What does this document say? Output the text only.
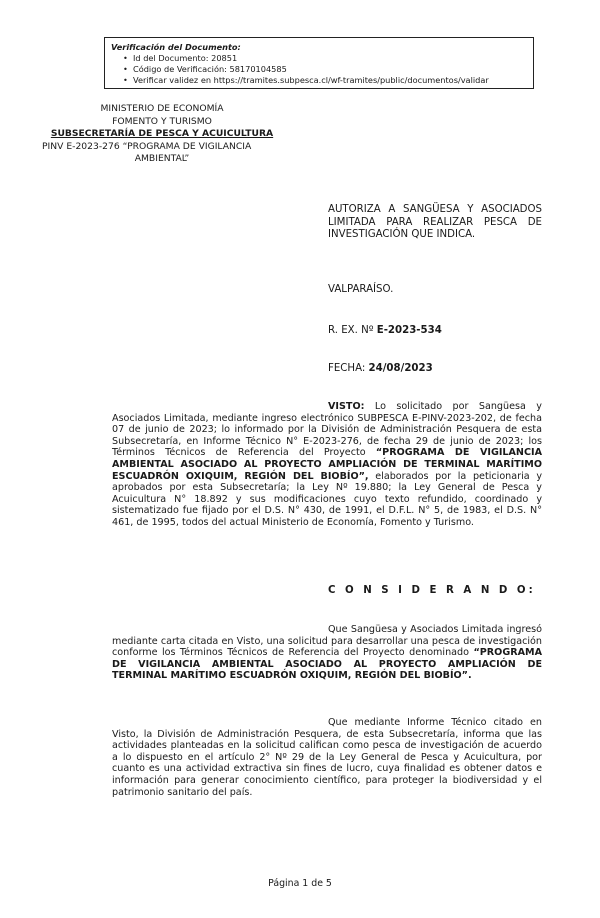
Verificación del Documento:
• Id del Documento: 20851
• Código de Verificación: 58170104585
• Verificar validez en https://tramites.subpesca.cl/wf-tramites/public/documentos/validar
MINISTERIO DE ECONOMÍA
FOMENTO Y TURISMO
SUBSECRETARÍA DE PESCA Y ACUICULTURA
PINV E-2023-276 “PROGRAMA DE VIGILANCIA
AMBIENTAL”
AUTORIZA A SANGÜESA Y ASOCIADOS LIMITADA PARA REALIZAR PESCA DE INVESTIGACIÓN QUE INDICA.
VALPARAÍSO.
R. EX. Nº E-2023-534
FECHA: 24/08/2023
VISTO: Lo solicitado por Sangüesa y Asociados Limitada, mediante ingreso electrónico SUBPESCA E-PINV-2023-202, de fecha 07 de junio de 2023; lo informado por la División de Administración Pesquera de esta Subsecretaría, en Informe Técnico N° E-2023-276, de fecha 29 de junio de 2023; los Términos Técnicos de Referencia del Proyecto “PROGRAMA DE VIGILANCIA AMBIENTAL ASOCIADO AL PROYECTO AMPLIACIÓN DE TERMINAL MARÍTIMO ESCUADRÓN OXIQUIM, REGIÓN DEL BIOBÍO”, elaborados por la peticionaria y aprobados por esta Subsecretaría; la Ley Nº 19.880; la Ley General de Pesca y Acuicultura N° 18.892 y sus modificaciones cuyo texto refundido, coordinado y sistematizado fue fijado por el D.S. N° 430, de 1991, el D.F.L. N° 5, de 1983, el D.S. N° 461, de 1995, todos del actual Ministerio de Economía, Fomento y Turismo.
C O N S I D E R A N D O:
Que Sangüesa y Asociados Limitada ingresó mediante carta citada en Visto, una solicitud para desarrollar una pesca de investigación conforme los Términos Técnicos de Referencia del Proyecto denominado “PROGRAMA DE VIGILANCIA AMBIENTAL ASOCIADO AL PROYECTO AMPLIACIÓN DE TERMINAL MARÍTIMO ESCUADRÓN OXIQUIM, REGIÓN DEL BIOBÍO”.
Que mediante Informe Técnico citado en Visto, la División de Administración Pesquera, de esta Subsecretaría, informa que las actividades planteadas en la solicitud califican como pesca de investigación de acuerdo a lo dispuesto en el artículo 2° Nº 29 de la Ley General de Pesca y Acuicultura, por cuanto es una actividad extractiva sin fines de lucro, cuya finalidad es obtener datos e información para generar conocimiento científico, para proteger la biodiversidad y el patrimonio sanitario del país.
Página 1 de 5
